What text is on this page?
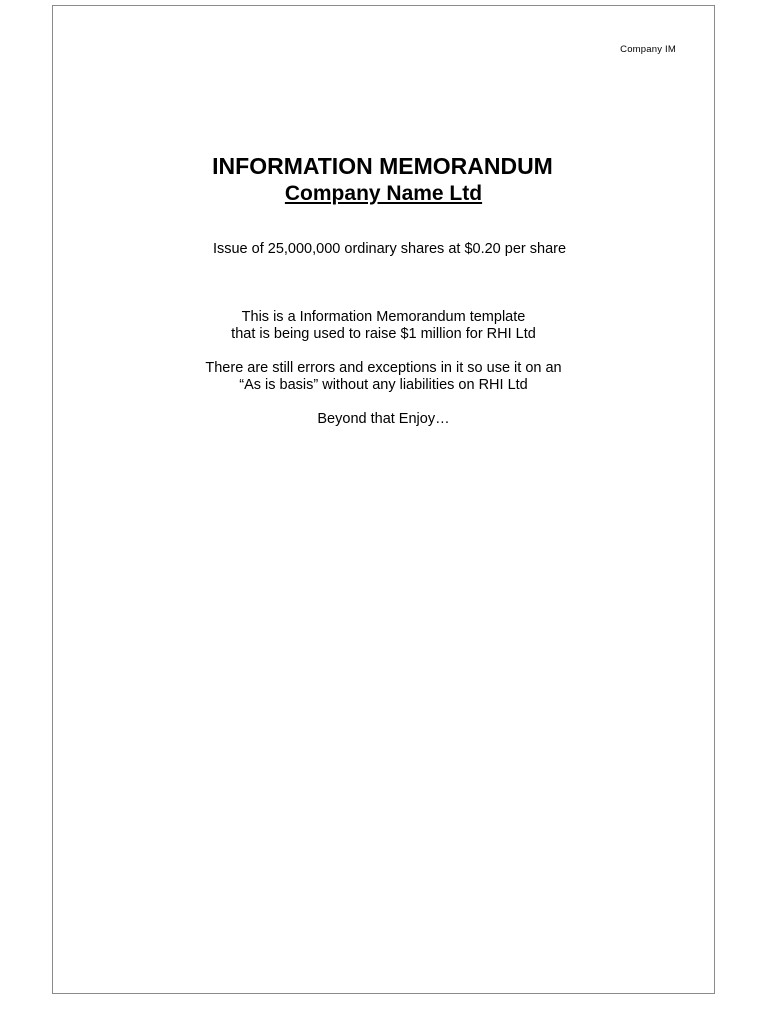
Company IM
INFORMATION MEMORANDUM
Company Name Ltd
Issue of 25,000,000 ordinary shares at $0.20 per share

This is a Information Memorandum template
that is being used to raise $1 million for RHI Ltd

There are still errors and exceptions in it so use it on an
“As is basis” without any liabilities on RHI Ltd

Beyond that Enjoy…
